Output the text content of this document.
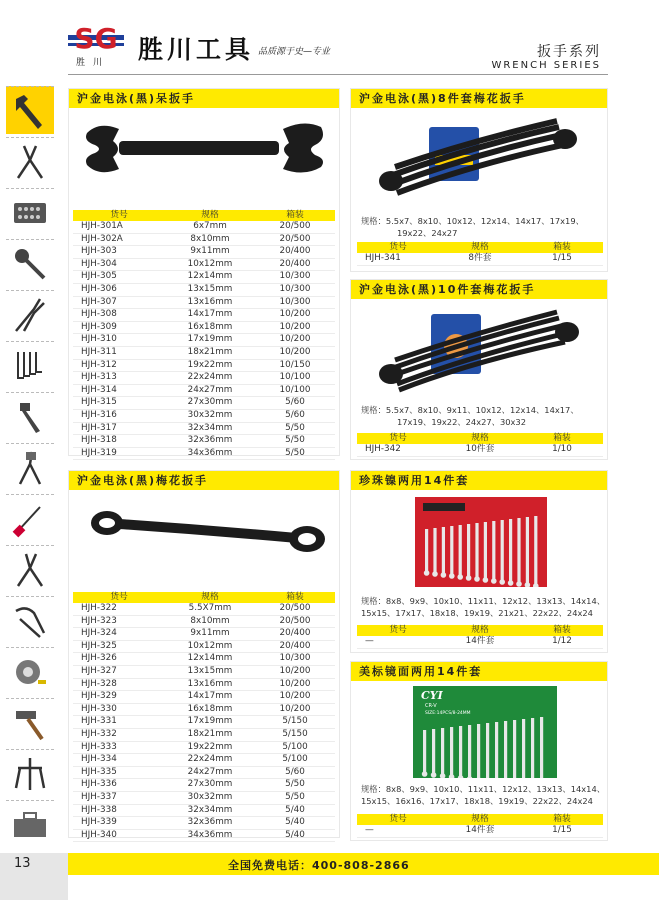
SG
胜川 胜川工具 品质源于史—专业	扳手系列
WRENCH SERIES
沪金电泳(黑)呆扳手
货号	规格	箱装
HJH-301A	6x7mm	20/500
HJH-302A	8x10mm	20/500
HJH-303	9x11mm	20/400
HJH-304	10x12mm	20/400
HJH-305	12x14mm	10/300
HJH-306	13x15mm	10/300
HJH-307	13x16mm	10/300
HJH-308	14x17mm	10/200
HJH-309	16x18mm	10/200
HJH-310	17x19mm	10/200
HJH-311	18x21mm	10/200
HJH-312	19x22mm	10/150
HJH-313	22x24mm	10/100
HJH-314	24x27mm	10/100
HJH-315	27x30mm	5/60
HJH-316	30x32mm	5/60
HJH-317	32x34mm	5/50
HJH-318	32x36mm	5/50
HJH-319	34x36mm	5/50
沪金电泳(黑)梅花扳手
货号	规格	箱装
HJH-322	5.5X7mm	20/500
HJH-323	8x10mm	20/500
HJH-324	9x11mm	20/400
HJH-325	10x12mm	20/400
HJH-326	12x14mm	10/300
HJH-327	13x15mm	10/200
HJH-328	13x16mm	10/200
HJH-329	14x17mm	10/200
HJH-330	16x18mm	10/200
HJH-331	17x19mm	5/150
HJH-332	18x21mm	5/150
HJH-333	19x22mm	5/100
HJH-334	22x24mm	5/100
HJH-335	24x27mm	5/60
HJH-336	27x30mm	5/50
HJH-337	30x32mm	5/50
HJH-338	32x34mm	5/40
HJH-339	32x36mm	5/40
HJH-340	34x36mm	5/40
沪金电泳(黑)8件套梅花扳手
规格：5.5x7、8x10、10x12、12x14、14x17、17x19、
19x22、24x27
货号	规格	箱装
HJH-341	8件套	1/15
沪金电泳(黑)10件套梅花扳手
规格：5.5x7、8x10、9x11、10x12、12x14、14x17、
17x19、19x22、24x27、30x32
货号	规格	箱装
HJH-342	10件套	1/10
珍珠镍两用14件套
规格：8x8、9x9、10x10、11x11、12x12、13x13、14x14、
15x15、17x17、18x18、19x19、21x21、22x22、24x24
货号	规格	箱装
—	14件套	1/12
美标镜面两用14件套
CYI
CR-V
SIZE:14PCS/8-24MM
规格：8x8、9x9、10x10、11x11、12x12、13x13、14x14、
15x15、16x16、17x17、18x18、19x19、22x22、24x24
货号	规格	箱装
—	14件套	1/15
13	全国免费电话：400-808-2866
